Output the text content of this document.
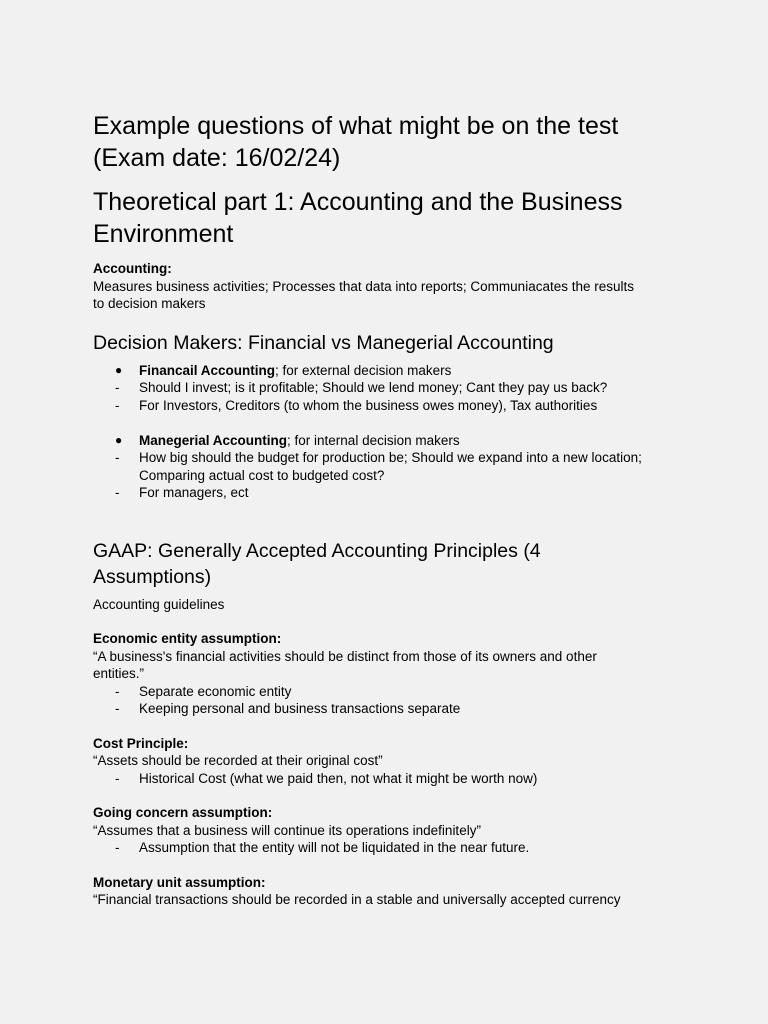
Example questions of what might be on the test
(Exam date: 16/02/24)
Theoretical part 1: Accounting and the Business
Environment
Accounting:
Measures business activities; Processes that data into reports; Communiacates the results
to decision makers
Decision Makers: Financial vs Manegerial Accounting
● Financail Accounting; for external decision makers
- Should I invest; is it profitable; Should we lend money; Cant they pay us back?
- For Investors, Creditors (to whom the business owes money), Tax authorities
● Manegerial Accounting; for internal decision makers
- How big should the budget for production be; Should we expand into a new location;
Comparing actual cost to budgeted cost?
- For managers, ect
GAAP: Generally Accepted Accounting Principles (4
Assumptions)
Accounting guidelines
Economic entity assumption:
“A business's financial activities should be distinct from those of its owners and other
entities.”
- Separate economic entity
- Keeping personal and business transactions separate
Cost Principle:
“Assets should be recorded at their original cost”
- Historical Cost (what we paid then, not what it might be worth now)
Going concern assumption:
“Assumes that a business will continue its operations indefinitely”
- Assumption that the entity will not be liquidated in the near future.
Monetary unit assumption:
“Financial transactions should be recorded in a stable and universally accepted currency
